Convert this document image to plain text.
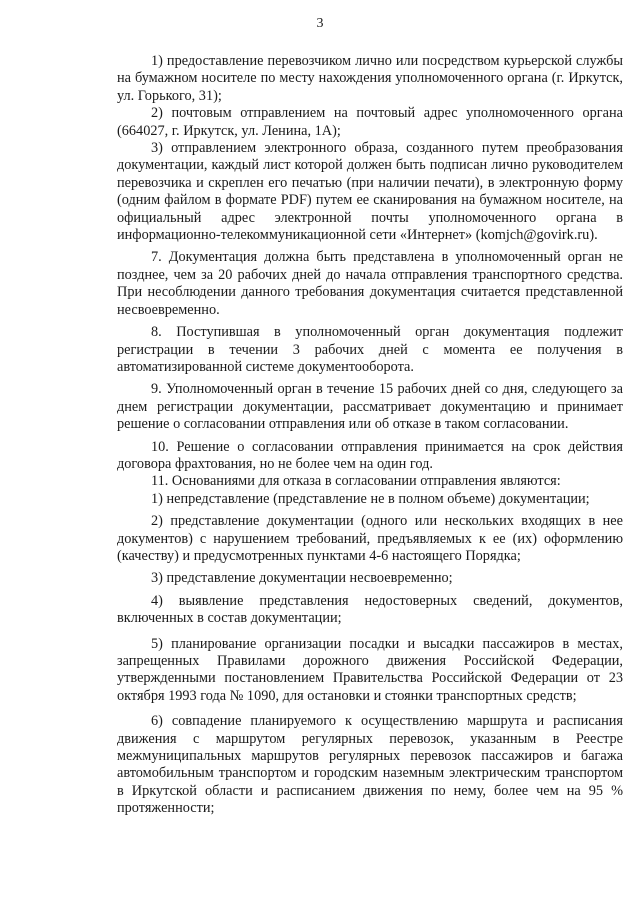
3

1) предоставление перевозчиком лично или посредством курьерской службы на бумажном носителе по месту нахождения уполномоченного органа (г. Иркутск, ул. Горького, 31);

2) почтовым отправлением на почтовый адрес уполномоченного органа (664027, г. Иркутск, ул. Ленина, 1А);

3) отправлением электронного образа, созданного путем преобразования документации, каждый лист которой должен быть подписан лично руководителем перевозчика и скреплен его печатью (при наличии печати), в электронную форму (одним файлом в формате PDF) путем ее сканирования на бумажном носителе, на официальный адрес электронной почты уполномоченного органа в информационно-телекоммуникационной сети «Интернет» (komjch@govirk.ru).

7. Документация должна быть представлена в уполномоченный орган не позднее, чем за 20 рабочих дней до начала отправления транспортного средства. При несоблюдении данного требования документация считается представленной несвоевременно.

8. Поступившая в уполномоченный орган документация подлежит регистрации в течении 3 рабочих дней с момента ее получения в автоматизированной системе документооборота.

9. Уполномоченный орган в течение 15 рабочих дней со дня, следующего за днем регистрации документации, рассматривает документацию и принимает решение о согласовании отправления или об отказе в таком согласовании.

10. Решение о согласовании отправления принимается на срок действия договора фрахтования, но не более чем на один год.

11. Основаниями для отказа в согласовании отправления являются:

1) непредставление (представление не в полном объеме) документации;

2) представление документации (одного или нескольких входящих в нее документов) с нарушением требований, предъявляемых к ее (их) оформлению (качеству) и предусмотренных пунктами 4-6 настоящего Порядка;

3) представление документации несвоевременно;

4) выявление представления недостоверных сведений, документов, включенных в состав документации;

5) планирование организации посадки и высадки пассажиров в местах, запрещенных Правилами дорожного движения Российской Федерации, утвержденными постановлением Правительства Российской Федерации от 23 октября 1993 года № 1090, для остановки и стоянки транспортных средств;

6) совпадение планируемого к осуществлению маршрута и расписания движения с маршрутом регулярных перевозок, указанным в Реестре межмуниципальных маршрутов регулярных перевозок пассажиров и багажа автомобильным транспортом и городским наземным электрическим транспортом в Иркутской области и расписанием движения по нему, более чем на 95 % протяженности;
